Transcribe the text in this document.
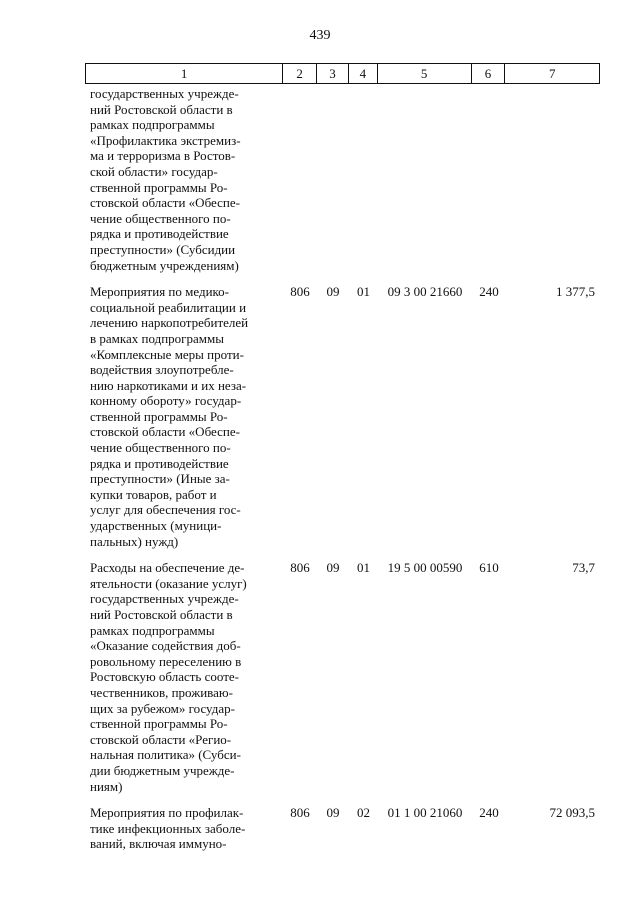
439
1	2	3	4	5	6	7
государственных учрежде-
ний Ростовской области в
рамках подпрограммы
«Профилактика экстремиз-
ма и терроризма в Ростов-
ской области» государ-
ственной программы Ро-
стовской области «Обеспе-
чение общественного по-
рядка и противодействие
преступности» (Субсидии
бюджетным учреждениям)
Мероприятия по медико-
социальной реабилитации и
лечению наркопотребителей
в рамках подпрограммы
«Комплексные меры проти-
водействия злоупотребле-
нию наркотиками и их неза-
конному обороту» государ-
ственной программы Ро-
стовской области «Обеспе-
чение общественного по-
рядка и противодействие
преступности» (Иные за-
купки товаров, работ и
услуг для обеспечения гос-
ударственных (муници-
пальных) нужд)
806	09	01	09 3 00 21660	240	1 377,5
Расходы на обеспечение де-
ятельности (оказание услуг)
государственных учрежде-
ний Ростовской области в
рамках подпрограммы
«Оказание содействия доб-
ровольному переселению в
Ростовскую область сооте-
чественников, проживаю-
щих за рубежом» государ-
ственной программы Ро-
стовской области «Регио-
нальная политика» (Субси-
дии бюджетным учрежде-
ниям)
806	09	01	19 5 00 00590	610	73,7
Мероприятия по профилак-
тике инфекционных заболе-
ваний, включая иммуно-
806	09	02	01 1 00 21060	240	72 093,5
